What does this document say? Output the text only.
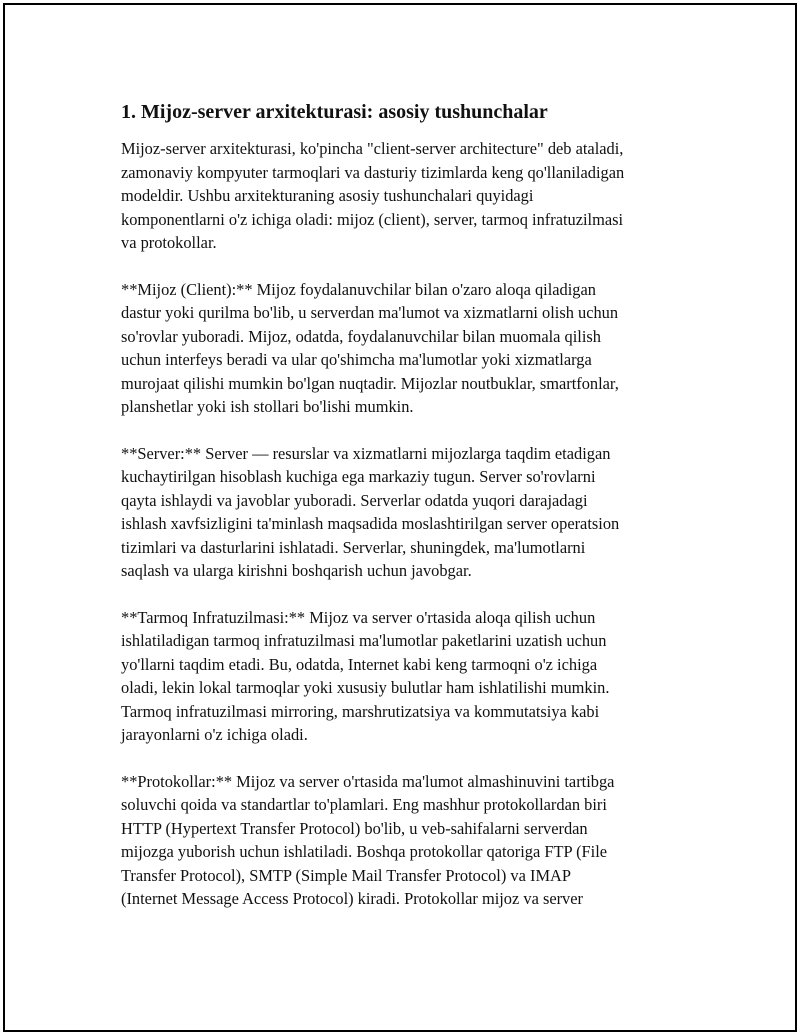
1. Mijoz-server arxitekturasi: asosiy tushunchalar

Mijoz-server arxitekturasi, ko'pincha "client-server architecture" deb ataladi,
zamonaviy kompyuter tarmoqlari va dasturiy tizimlarda keng qo'llaniladigan
modeldir. Ushbu arxitekturaning asosiy tushunchalari quyidagi
komponentlarni o'z ichiga oladi: mijoz (client), server, tarmoq infratuzilmasi
va protokollar.

**Mijoz (Client):** Mijoz foydalanuvchilar bilan o'zaro aloqa qiladigan
dastur yoki qurilma bo'lib, u serverdan ma'lumot va xizmatlarni olish uchun
so'rovlar yuboradi. Mijoz, odatda, foydalanuvchilar bilan muomala qilish
uchun interfeys beradi va ular qo'shimcha ma'lumotlar yoki xizmatlarga
murojaat qilishi mumkin bo'lgan nuqtadir. Mijozlar noutbuklar, smartfonlar,
planshetlar yoki ish stollari bo'lishi mumkin.

**Server:** Server — resurslar va xizmatlarni mijozlarga taqdim etadigan
kuchaytirilgan hisoblash kuchiga ega markaziy tugun. Server so'rovlarni
qayta ishlaydi va javoblar yuboradi. Serverlar odatda yuqori darajadagi
ishlash xavfsizligini ta'minlash maqsadida moslashtirilgan server operatsion
tizimlari va dasturlarini ishlatadi. Serverlar, shuningdek, ma'lumotlarni
saqlash va ularga kirishni boshqarish uchun javobgar.

**Tarmoq Infratuzilmasi:** Mijoz va server o'rtasida aloqa qilish uchun
ishlatiladigan tarmoq infratuzilmasi ma'lumotlar paketlarini uzatish uchun
yo'llarni taqdim etadi. Bu, odatda, Internet kabi keng tarmoqni o'z ichiga
oladi, lekin lokal tarmoqlar yoki xususiy bulutlar ham ishlatilishi mumkin.
Tarmoq infratuzilmasi mirroring, marshrutizatsiya va kommutatsiya kabi
jarayonlarni o'z ichiga oladi.

**Protokollar:** Mijoz va server o'rtasida ma'lumot almashinuvini tartibga
soluvchi qoida va standartlar to'plamlari. Eng mashhur protokollardan biri
HTTP (Hypertext Transfer Protocol) bo'lib, u veb-sahifalarni serverdan
mijozga yuborish uchun ishlatiladi. Boshqa protokollar qatoriga FTP (File
Transfer Protocol), SMTP (Simple Mail Transfer Protocol) va IMAP
(Internet Message Access Protocol) kiradi. Protokollar mijoz va server
